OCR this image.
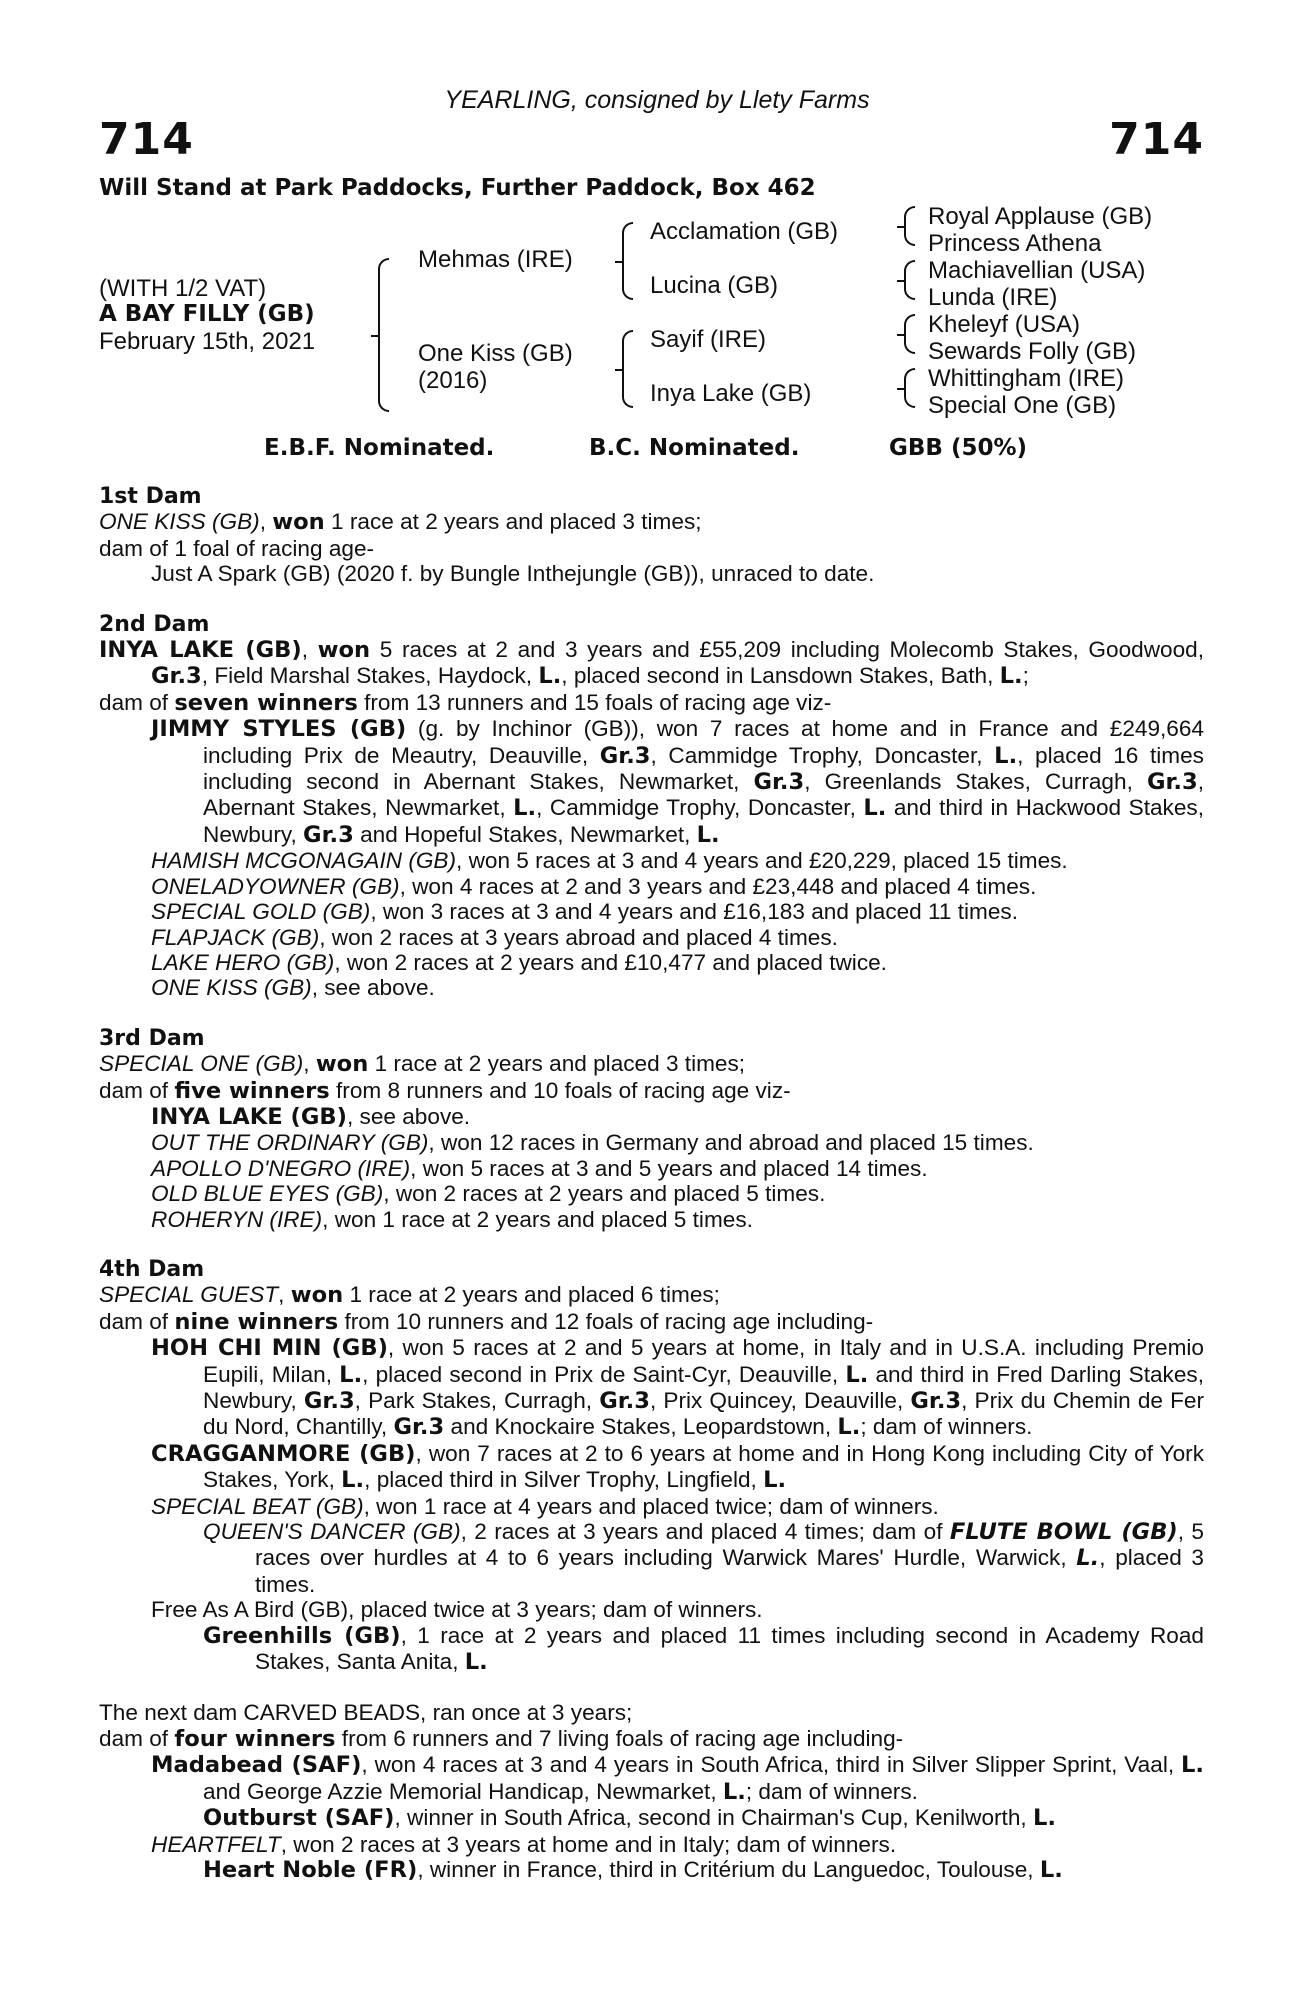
YEARLING, consigned by Llety Farms
714	714
Will Stand at Park Paddocks, Further Paddock, Box 462
(WITH 1/2 VAT)
A BAY FILLY (GB)
February 15th, 2021
Mehmas (IRE)
One Kiss (GB)
(2016)
Acclamation (GB)
Lucina (GB)
Sayif (IRE)
Inya Lake (GB)
Royal Applause (GB)
Princess Athena
Machiavellian (USA)
Lunda (IRE)
Kheleyf (USA)
Sewards Folly (GB)
Whittingham (IRE)
Special One (GB)
E.B.F. Nominated.	B.C. Nominated.	GBB (50%)
1st Dam

ONE KISS (GB), won 1 race at 2 years and placed 3 times;

dam of 1 foal of racing age-

Just A Spark (GB) (2020 f. by Bungle Inthejungle (GB)), unraced to date.

2nd Dam

INYA LAKE (GB), won 5 races at 2 and 3 years and £55,209 including Molecomb Stakes, Goodwood, Gr.3, Field Marshal Stakes, Haydock, L., placed second in Lansdown Stakes, Bath, L.;

dam of seven winners from 13 runners and 15 foals of racing age viz-

JIMMY STYLES (GB) (g. by Inchinor (GB)), won 7 races at home and in France and £249,664 including Prix de Meautry, Deauville, Gr.3, Cammidge Trophy, Doncaster, L., placed 16 times including second in Abernant Stakes, Newmarket, Gr.3, Greenlands Stakes, Curragh, Gr.3, Abernant Stakes, Newmarket, L., Cammidge Trophy, Doncaster, L. and third in Hackwood Stakes, Newbury, Gr.3 and Hopeful Stakes, Newmarket, L.

HAMISH MCGONAGAIN (GB), won 5 races at 3 and 4 years and £20,229, placed 15 times.

ONELADYOWNER (GB), won 4 races at 2 and 3 years and £23,448 and placed 4 times.

SPECIAL GOLD (GB), won 3 races at 3 and 4 years and £16,183 and placed 11 times.

FLAPJACK (GB), won 2 races at 3 years abroad and placed 4 times.

LAKE HERO (GB), won 2 races at 2 years and £10,477 and placed twice.

ONE KISS (GB), see above.

3rd Dam

SPECIAL ONE (GB), won 1 race at 2 years and placed 3 times;

dam of five winners from 8 runners and 10 foals of racing age viz-

INYA LAKE (GB), see above.

OUT THE ORDINARY (GB), won 12 races in Germany and abroad and placed 15 times.

APOLLO D'NEGRO (IRE), won 5 races at 3 and 5 years and placed 14 times.

OLD BLUE EYES (GB), won 2 races at 2 years and placed 5 times.

ROHERYN (IRE), won 1 race at 2 years and placed 5 times.

4th Dam

SPECIAL GUEST, won 1 race at 2 years and placed 6 times;

dam of nine winners from 10 runners and 12 foals of racing age including-

HOH CHI MIN (GB), won 5 races at 2 and 5 years at home, in Italy and in U.S.A. including Premio Eupili, Milan, L., placed second in Prix de Saint-Cyr, Deauville, L. and third in Fred Darling Stakes, Newbury, Gr.3, Park Stakes, Curragh, Gr.3, Prix Quincey, Deauville, Gr.3, Prix du Chemin de Fer du Nord, Chantilly, Gr.3 and Knockaire Stakes, Leopardstown, L.; dam of winners.

CRAGGANMORE (GB), won 7 races at 2 to 6 years at home and in Hong Kong including City of York Stakes, York, L., placed third in Silver Trophy, Lingfield, L.

SPECIAL BEAT (GB), won 1 race at 4 years and placed twice; dam of winners.

QUEEN'S DANCER (GB), 2 races at 3 years and placed 4 times; dam of FLUTE BOWL (GB), 5 races over hurdles at 4 to 6 years including Warwick Mares' Hurdle, Warwick, L., placed 3 times.

Free As A Bird (GB), placed twice at 3 years; dam of winners.

Greenhills (GB), 1 race at 2 years and placed 11 times including second in Academy Road Stakes, Santa Anita, L.

The next dam CARVED BEADS, ran once at 3 years;

dam of four winners from 6 runners and 7 living foals of racing age including-

Madabead (SAF), won 4 races at 3 and 4 years in South Africa, third in Silver Slipper Sprint, Vaal, L. and George Azzie Memorial Handicap, Newmarket, L.; dam of winners.

Outburst (SAF), winner in South Africa, second in Chairman's Cup, Kenilworth, L.

HEARTFELT, won 2 races at 3 years at home and in Italy; dam of winners.

Heart Noble (FR), winner in France, third in Critérium du Languedoc, Toulouse, L.
